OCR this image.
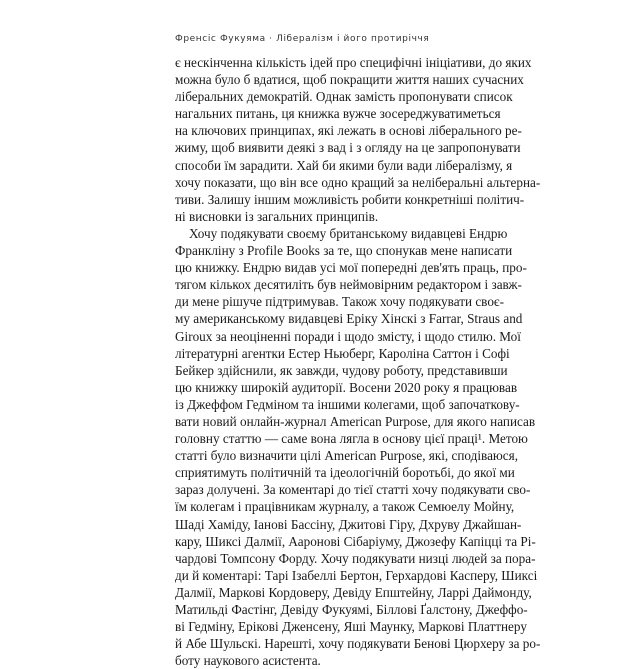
Френсіс Фукуяма · Лібералізм і його протиріччя
є нескінченна кількість ідей про специфічні ініціативи, до яких
можна було б вдатися, щоб покращити життя наших сучасних
ліберальних демократій. Однак замість пропонувати список
нагальних питань, ця книжка вужче зосереджуватиметься
на ключових принципах, які лежать в основі ліберального ре-
жиму, щоб виявити деякі з вад і з огляду на це запропонувати
способи їм зарадити. Хай би якими були вади лібералізму, я
хочу показати, що він все одно кращий за неліберальні альтерна-
тиви. Залишу іншим можливість робити конкретніші політич-
ні висновки із загальних принципів.
Хочу подякувати своєму британському видавцеві Ендрю
Франкліну з Profile Books за те, що спонукав мене написати
цю книжку. Ендрю видав усі мої попередні дев'ять праць, про-
тягом кількох десятиліть був неймовірним редактором і завж-
ди мене рішуче підтримував. Також хочу подякувати своє-
му американському видавцеві Еріку Хінскі з Farrar, Straus and
Giroux за неоціненні поради і щодо змісту, і щодо стилю. Мої
літературні агентки Естер Ньюберг, Кароліна Саттон і Софі
Бейкер здійснили, як завжди, чудову роботу, представивши
цю книжку широкій аудиторії. Восени 2020 року я працював
із Джеффом Гедміном та іншими колегами, щоб започаткову-
вати новий онлайн-журнал American Purpose, для якого написав
головну статтю — саме вона лягла в основу цієї праці¹. Метою
статті було визначити цілі American Purpose, які, сподіваюся,
сприятимуть політичній та ідеологічній боротьбі, до якої ми
зараз долучені. За коментарі до тієї статті хочу подякувати сво-
їм колегам і працівникам журналу, а також Семюелу Мойну,
Шаді Хаміду, Іанові Бассіну, Джитові Гіру, Дхруву Джайшан-
кару, Шиксі Далмії, Аароновi Сібаріуму, Джозефу Капіцці та Рі-
чардові Томпсону Форду. Хочу подякувати низці людей за пора-
ди й коментарі: Тарі Ізабеллі Бертон, Герхардові Касперу, Шиксі
Далмії, Маркові Кордоверу, Девіду Епштейну, Ларрі Даймонду,
Матильді Фастінг, Девіду Фукуямі, Біллові Ґалстону, Джеффо-
ві Гедміну, Ерікові Дженсену, Яші Маунку, Маркові Платтнеру
й Абе Шульскі. Нарешті, хочу подякувати Бенові Цюрхеру за ро-
боту наукового асистента.
